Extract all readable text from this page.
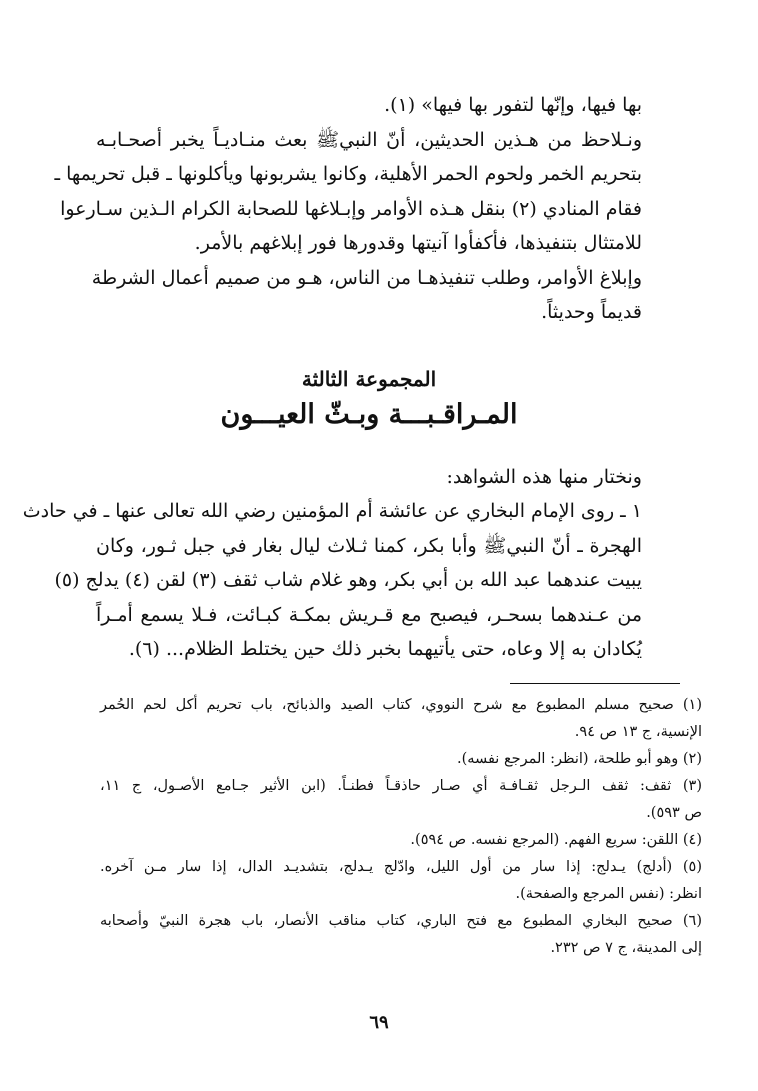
بها فيها، وإنّها لتفور بها فيها» (١).
ونـلاحظ من هـذين الحديثين، أنّ النبيﷺ بعث منـاديـاً يخبر أصحـابـه
بتحريم الخمر ولحوم الحمر الأهلية، وكانوا يشربونها ويأكلونها ـ قبل تحريمها ـ
فقام المنادي (٢) بنقل هـذه الأوامر وإبـلاغها للصحابة الكرام الـذين سـارعوا
للامتثال بتنفيذها، فأكفأوا آنيتها وقدورها فور إبلاغهم بالأمر.
وإبلاغ الأوامر، وطلب تنفيذهـا من الناس، هـو من صميم أعمال الشرطة
قديماً وحديثاً.
المجموعة الثالثة
المـراقـبـــة وبـثّ العيـــون
ونختار منها هذه الشواهد:
١ ـ روى الإمام البخاري عن عائشة أم المؤمنين رضي الله تعالى عنها ـ في حادث
الهجرة ـ أنّ النبيﷺ وأبا بكر، كمنا ثـلاث ليال بغار في جبل ثـور، وكان
يبيت عندهما عبد الله بن أبي بكر، وهو غلام شاب ثقف (٣) لقن (٤) يدلج (٥)
من عـندهما بسحـر، فيصبح مع قـريش بمكـة كبـائت، فـلا يسمع أمـراً
يُكادان به إلا وعاه، حتى يأتيهما بخبر ذلك حين يختلط الظلام... (٦).
(١) صحيح مسلم المطبوع مع شرح النووي، كتاب الصيد والذبائح، باب تحريم أكل لحم الحُمر
الإنسية، ج ١٣ ص ٩٤.
(٢) وهو أبو طلحة، (انظر: المرجع نفسه).
(٣) ثقف: ثقف الـرجل ثقـافـة أي صـار حاذقـاً فطنـاً. (ابن الأثير جـامع الأصـول، ج ١١،
ص ٥٩٣).
(٤) اللقن: سريع الفهم. (المرجع نفسه. ص ٥٩٤).
(٥) (أدلج) يـدلج: إذا سار من أول الليل، وادّلج يـدلج، بتشديـد الدال، إذا سار مـن آخره.
انظر: (نفس المرجع والصفحة).
(٦) صحيح البخاري المطبوع مع فتح الباري، كتاب مناقب الأنصار، باب هجرة النبيّ وأصحابه
إلى المدينة، ج ٧ ص ٢٣٢.
٦٩
